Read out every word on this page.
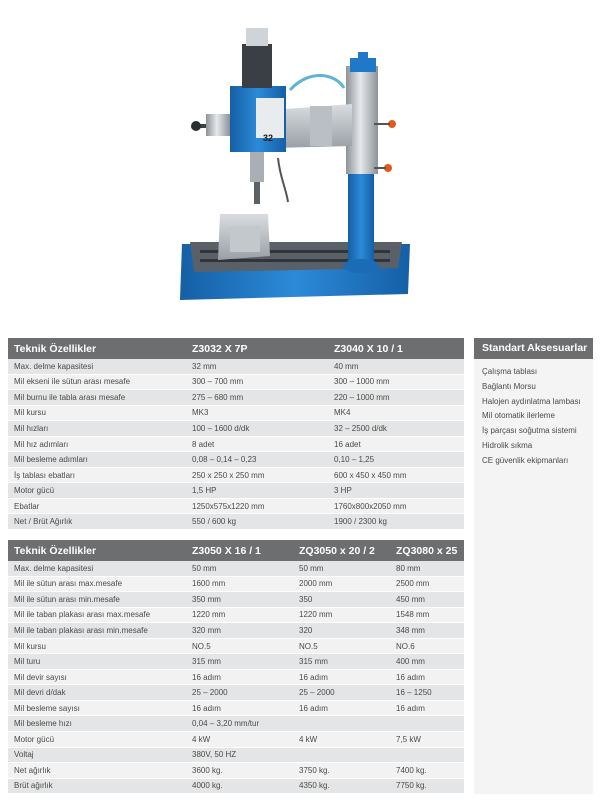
32
Teknik Özellikler	Z3032 X 7P	Z3040 X 10 / 1
Max. delme kapasitesi	32 mm	40 mm
Mil ekseni ile sütun arası mesafe	300 – 700 mm	300 – 1000 mm
Mil burnu ile tabla arası mesafe	275 – 680 mm	220 – 1000 mm
Mil kursu	MK3	MK4
Mil hızları	100 – 1600 d/dk	32 – 2500 d/dk
Mil hız adımları	8 adet	16 adet
Mil besleme adımları	0,08 – 0,14 – 0,23	0,10 – 1,25
İş tablası ebatları	250 x 250 x 250 mm	600 x 450 x 450 mm
Motor gücü	1,5 HP	3 HP
Ebatlar	1250x575x1220 mm	1760x800x2050 mm
Net / Brüt Ağırlık	550 / 600 kg	1900 / 2300 kg
Teknik Özellikler	Z3050 X 16 / 1	ZQ3050 x 20 / 2	ZQ3080 x 25
Max. delme kapasitesi	50 mm	50 mm	80 mm
Mil ile sütun arası max.mesafe	1600 mm	2000 mm	2500 mm
Mil ile sütun arası min.mesafe	350 mm	350	450 mm
Mil ile taban plakası arası max.mesafe	1220 mm	1220 mm	1548 mm
Mil ile taban plakası arası min.mesafe	320 mm	320	348 mm
Mil kursu	NO.5	NO.5	NO.6
Mil turu	315 mm	315 mm	400 mm
Mil devir sayısı	16 adım	16 adım	16 adım
Mil devri d/dak	25 – 2000	25 – 2000	16 – 1250
Mil besleme sayısı	16 adım	16 adım	16 adım
Mil besleme hızı	0,04 – 3,20 mm/tur		
Motor gücü	4 kW	4 kW	7,5 kW
Voltaj	380V, 50 HZ		
Net ağırlık	3600 kg.	3750 kg.	7400 kg.
Brüt ağırlık	4000 kg.	4350 kg.	7750 kg.
Standart Aksesuarlar
Çalışma tablası
Bağlantı Morsu
Halojen aydınlatma lambası
Mil otomatik ilerleme
İş parçası soğutma sistemi
Hidrolik sıkma
CE güvenlik ekipmanları
